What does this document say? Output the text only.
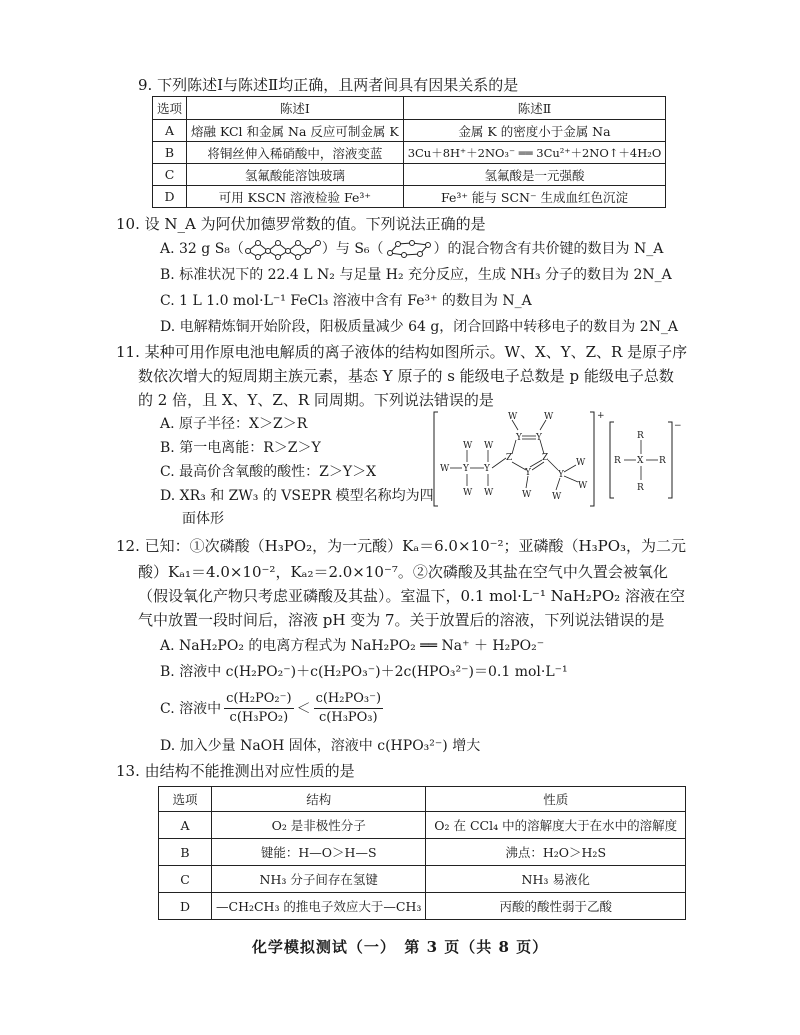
9. 下列陈述Ⅰ与陈述Ⅱ均正确，且两者间具有因果关系的是
选项	陈述Ⅰ	陈述Ⅱ
A	熔融 KCl 和金属 Na 反应可制金属 K	金属 K 的密度小于金属 Na
B	将铜丝伸入稀硝酸中，溶液变蓝	3Cu＋8H⁺＋2NO₃⁻ ══ 3Cu²⁺＋2NO↑＋4H₂O
C	氢氟酸能溶蚀玻璃	氢氟酸是一元强酸
D	可用 KSCN 溶液检验 Fe³⁺	Fe³⁺ 能与 SCN⁻ 生成血红色沉淀
10. 设 N_A 为阿伏加德罗常数的值。下列说法正确的是
A. 32 g S₈（	）与 S₆（	）的混合物含有共价键的数目为 N_A
B. 标准状况下的 22.4 L N₂ 与足量 H₂ 充分反应，生成 NH₃ 分子的数目为 2N_A
C. 1 L 1.0 mol·L⁻¹ FeCl₃ 溶液中含有 Fe³⁺ 的数目为 N_A
D. 电解精炼铜开始阶段，阳极质量减少 64 g，闭合回路中转移电子的数目为 2N_A
11. 某种可用作原电池电解质的离子液体的结构如图所示。W、X、Y、Z、R 是原子序
数依次增大的短周期主族元素，基态 Y 原子的 s 能级电子总数是 p 能级电子总数
的 2 倍，且 X、Y、Z、R 同周期。下列说法错误的是
A. 原子半径：X＞Z＞R
B. 第一电离能：R＞Z＞Y
C. 最高价含氧酸的酸性：Z＞Y＞X
D. XR₃ 和 ZW₃ 的 VSEPR 模型名称均为四
面体形
+
W Y
W
W
Y
W
W
Z
Y Y
W	W
Z
Y
W
Y
W
W
W
−
R X R
R
R
12. 已知：①次磷酸（H₃PO₂，为一元酸）Kₐ＝6.0×10⁻²；亚磷酸（H₃PO₃，为二元
酸）Kₐ₁＝4.0×10⁻²，Kₐ₂＝2.0×10⁻⁷。②次磷酸及其盐在空气中久置会被氧化
（假设氧化产物只考虑亚磷酸及其盐）。室温下，0.1 mol·L⁻¹ NaH₂PO₂ 溶液在空
气中放置一段时间后，溶液 pH 变为 7。关于放置后的溶液，下列说法错误的是
A. NaH₂PO₂ 的电离方程式为 NaH₂PO₂ ══ Na⁺ ＋ H₂PO₂⁻
B. 溶液中 c(H₂PO₂⁻)＋c(H₂PO₃⁻)＋2c(HPO₃²⁻)＝0.1 mol·L⁻¹
C. 溶液中 $\frac{\text{c(H₂PO₂⁻)}}{\text{c(H₃PO₂)}} < \frac{\text{c(H₂PO₃⁻)}}{\text{c(H₃PO₃)}}$
D. 加入少量 NaOH 固体，溶液中 c(HPO₃²⁻) 增大
13. 由结构不能推测出对应性质的是
选项	结构	性质
A	O₂ 是非极性分子	O₂ 在 CCl₄ 中的溶解度大于在水中的溶解度
B	键能：H—O＞H—S	沸点：H₂O＞H₂S
C	NH₃ 分子间存在氢键	NH₃ 易液化
D	—CH₂CH₃ 的推电子效应大于—CH₃	丙酸的酸性弱于乙酸
化学模拟测试（一）　第 3 页（共 8 页）
